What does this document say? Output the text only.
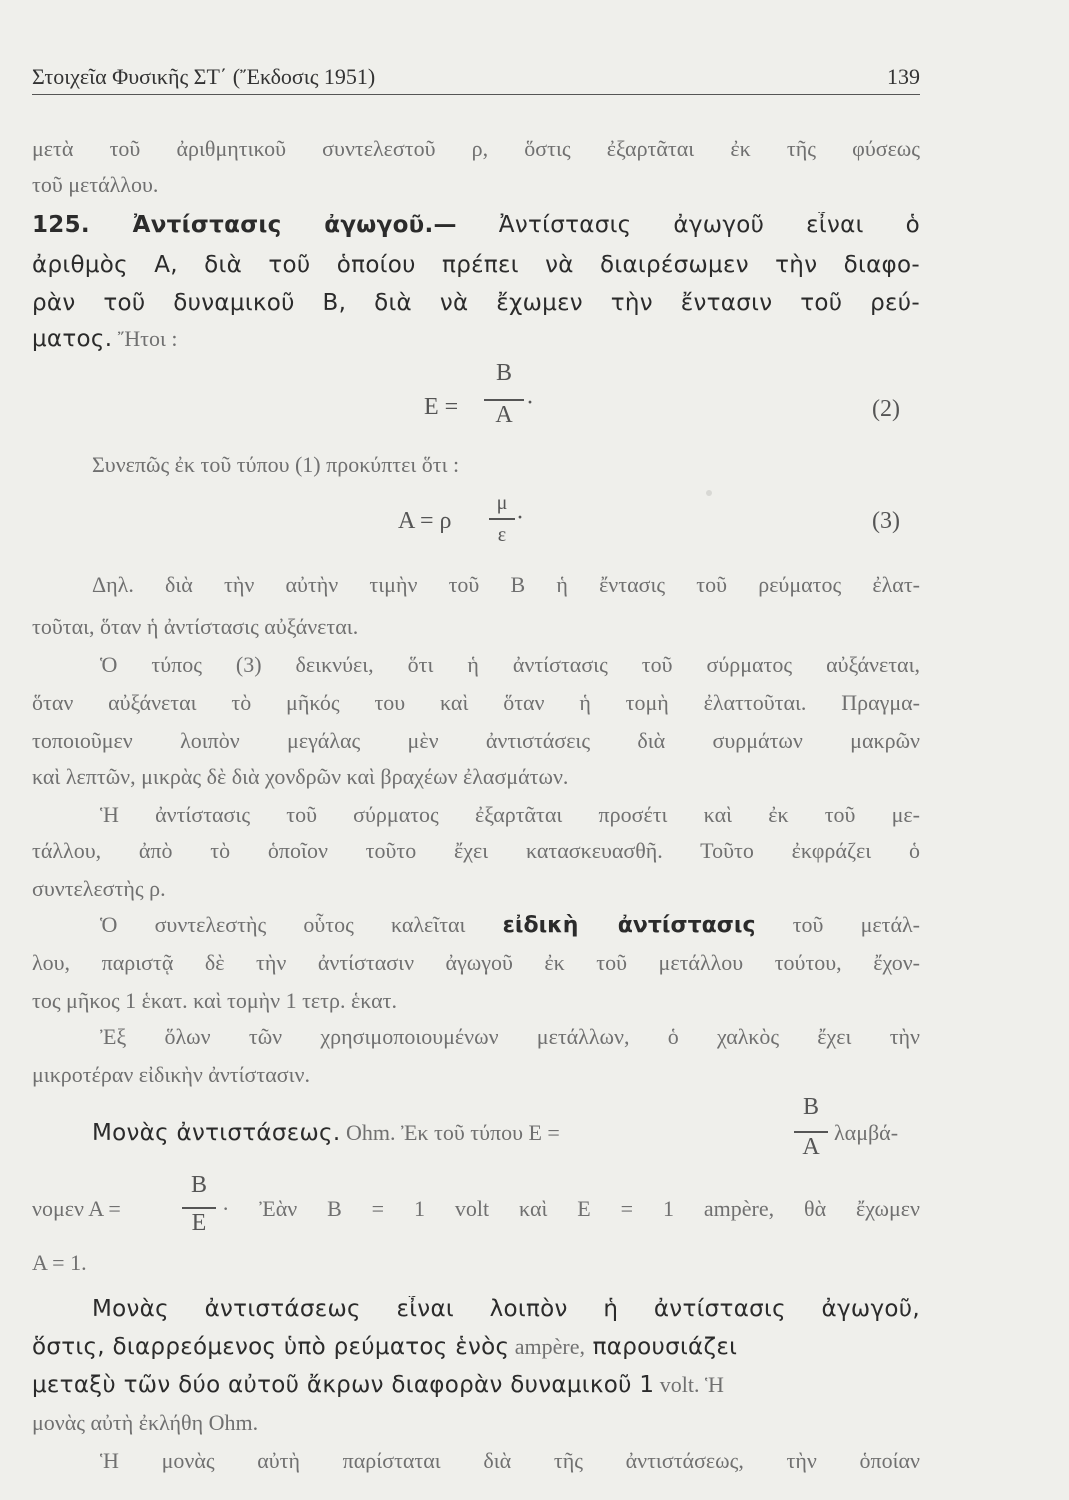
Στοιχεῖα Φυσικῆς ΣΤ΄ (Ἔκδοσις 1951)	139
μετὰ τοῦ ἀριθμητικοῦ συντελεστοῦ ρ, ὅστις ἐξαρτᾶται ἐκ τῆς φύσεως
τοῦ μετάλλου.
125. Ἀντίστασις ἀγωγοῦ.— Ἀντίστασις ἀγωγοῦ εἶναι ὁ
ἀριθμὸς Α, διὰ τοῦ ὁποίου πρέπει νὰ διαιρέσωμεν τὴν διαφο-
ρὰν τοῦ δυναμικοῦ Β, διὰ νὰ ἔχωμεν τὴν ἔντασιν τοῦ ρεύ-
ματος. Ἤτοι :
Ε =
Β
Α ·	(2)
Συνεπῶς ἐκ τοῦ τύπου (1) προκύπτει ὅτι :
Α = ρ
μ
ε
·	(3)
Δηλ. διὰ τὴν αὐτὴν τιμὴν τοῦ Β ἡ ἔντασις τοῦ ρεύματος ἐλατ-
τοῦται, ὅταν ἡ ἀντίστασις αὐξάνεται.
Ὁ τύπος (3) δεικνύει, ὅτι ἡ ἀντίστασις τοῦ σύρματος αὐξάνεται,
ὅταν αὐξάνεται τὸ μῆκός του καὶ ὅταν ἡ τομὴ ἐλαττοῦται. Πραγμα-
τοποιοῦμεν λοιπὸν μεγάλας μὲν ἀντιστάσεις διὰ συρμάτων μακρῶν
καὶ λεπτῶν, μικρὰς δὲ διὰ χονδρῶν καὶ βραχέων ἐλασμάτων.
Ἡ ἀντίστασις τοῦ σύρματος ἐξαρτᾶται προσέτι καὶ ἐκ τοῦ με-
τάλλου, ἀπὸ τὸ ὁποῖον τοῦτο ἔχει κατασκευασθῆ. Τοῦτο ἐκφράζει ὁ
συντελεστὴς ρ.
Ὁ συντελεστὴς οὗτος καλεῖται εἰδικὴ ἀντίστασις τοῦ μετάλ-
λου, παριστᾷ δὲ τὴν ἀντίστασιν ἀγωγοῦ ἐκ τοῦ μετάλλου τούτου, ἔχον-
τος μῆκος 1 ἑκατ. καὶ τομὴν 1 τετρ. ἑκατ.
Ἐξ ὅλων τῶν χρησιμοποιουμένων μετάλλων, ὁ χαλκὸς ἔχει τὴν
μικροτέραν εἰδικὴν ἀντίστασιν.
Μονὰς ἀντιστάσεως. Ohm. Ἐκ τοῦ τύπου Ε =
Β
Α
λαμβά-
νομεν Α =
Β
Ε
· Ἐὰν Β = 1 volt καὶ Ε = 1 ampère, θὰ ἔχωμεν
Α = 1.
Μονὰς ἀντιστάσεως εἶναι λοιπὸν ἡ ἀντίστασις ἀγωγοῦ,
ὅστις, διαρρεόμενος ὑπὸ ρεύματος ἑνὸς ampère, παρουσιάζει
μεταξὺ τῶν δύο αὐτοῦ ἄκρων διαφορὰν δυναμικοῦ 1 volt. Ἡ
μονὰς αὐτὴ ἐκλήθη Ohm.
Ἡ μονὰς αὐτὴ παρίσταται διὰ τῆς ἀντιστάσεως, τὴν ὁποίαν
